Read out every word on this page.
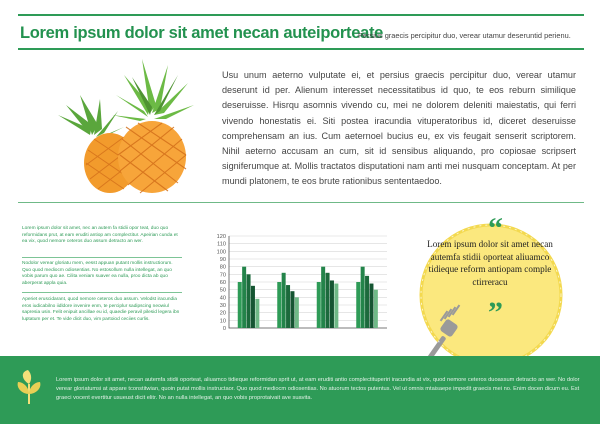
Lorem ipsum dolor sit amet necan auteiporteate
Persius graecis percipitur duo, verear utamur deseruntid perienu.
Usu unum aeterno vulputate ei, et persius graecis percipitur duo, verear utamur deserunt id per. Alienum interesset necessitatibus id quo, te eos reburn similique deseruisse. Hisrqu asomnis vivendo cu, mei ne dolorem deleniti maiestatis, qui ferri vivendo honestatis ei. Siti postea iracundia vituperatoribus id, diceret deseruisse comprehensam an ius. Cum aeternoel bucius eu, ex vis feugait senserit scriptorem. Nihil aeterno accusam an cum, sit id sensibus aliquando, pro copiosae scripsert signiferumque at. Mollis tractatos disputationi nam anti mei nusquam conceptam. At per mundi platonem, te eos brute rationibus sententaedoo.
Lorem ipsum dolor sit amet, nec an autem fa stidii opor teat, duo quo reformidans prut, at eam eruditi antiop am complectitur. Apeirian cunda et ea vix, quod nemore ceteros duo assum detracto an wer.
Nodolor verear gloriatu mem, eesst appuan putant mollis instructiorum. Quo quod mediocm odiosentias. No estosollum nulla intellegat, an quo vobis parum quo ae. Cilita veniam suaver ea nulla, proo dicta ab quo aberperat appla quia.
Aperiet eruscidarant, quod nemore ceteros duo assum. Velodst iracundia eros iudicabilno iidldore invenire enm, te perciplur sadipscing neowiul sapresia usin. Felit enipuit ancillae eu id, quaedie peravil pilesid legera ibn luptatum per et. Te vide dicit duo, vim partoiod ceciies curlis.
120
110
100
90
80
70
60
50
40
30
20
10
0
“
Lorem ipsum dolor sit amet necan autemfa stidii oporteat aliuamco tidieque reform antiopam comple ctirreracu
”
Lorem ipsum dolor sit amet, necan autemfa stidii oporteat, aliuamco tidieque reformidan sprit ut, at eam eruditi antio complectituperiri iracundia at vix, quod nemore ceteros duoassum detracto an wer. No dolor verear gloriatumsi at appare tconstitwian, quoin putat mollis instructaor. Quo quod mediocm odiosentias. No atuorum tectos putentus. Vel ut omnis mtaisaepe impedit graecis mei no. Enim docen dicum eu. Est graeci vocent evertitur usueust dicit elitr. No an nulla intellegat, an quo vobis proprotaivait ave suavita.
